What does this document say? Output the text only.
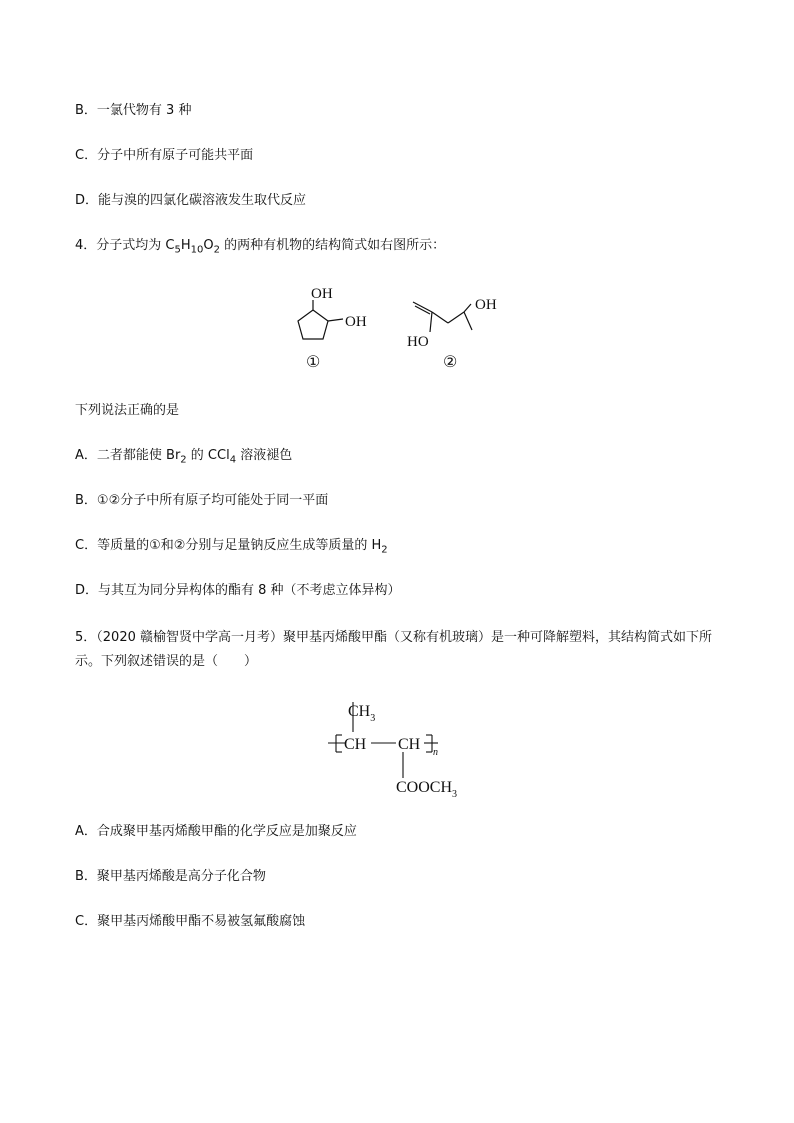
B．一氯代物有 3 种
C．分子中所有原子可能共平面
D．能与溴的四氯化碳溶液发生取代反应
4．分子式均为 $C_5H_{10}O_2$ 的两种有机物的结构简式如右图所示：
OH
OH
①
OH
HO
②
下列说法正确的是
A．二者都能使 $Br_2$ 的 CCl$_4$ 溶液褪色
B．①②分子中所有原子均可能处于同一平面
C．等质量的①和②分别与足量钠反应生成等质量的 $H_2$
D．与其互为同分异构体的酯有 8 种（不考虑立体异构）
5．（2020 赣榆智贤中学高一月考）聚甲基丙烯酸甲酯（又称有机玻璃）是一种可降解塑料，其结构简式如下所示。下列叙述错误的是（　　）
$CH_3$
CH CH n
$COOCH_3$
A．合成聚甲基丙烯酸甲酯的化学反应是加聚反应
B．聚甲基丙烯酸是高分子化合物
C．聚甲基丙烯酸甲酯不易被氢氟酸腐蚀
